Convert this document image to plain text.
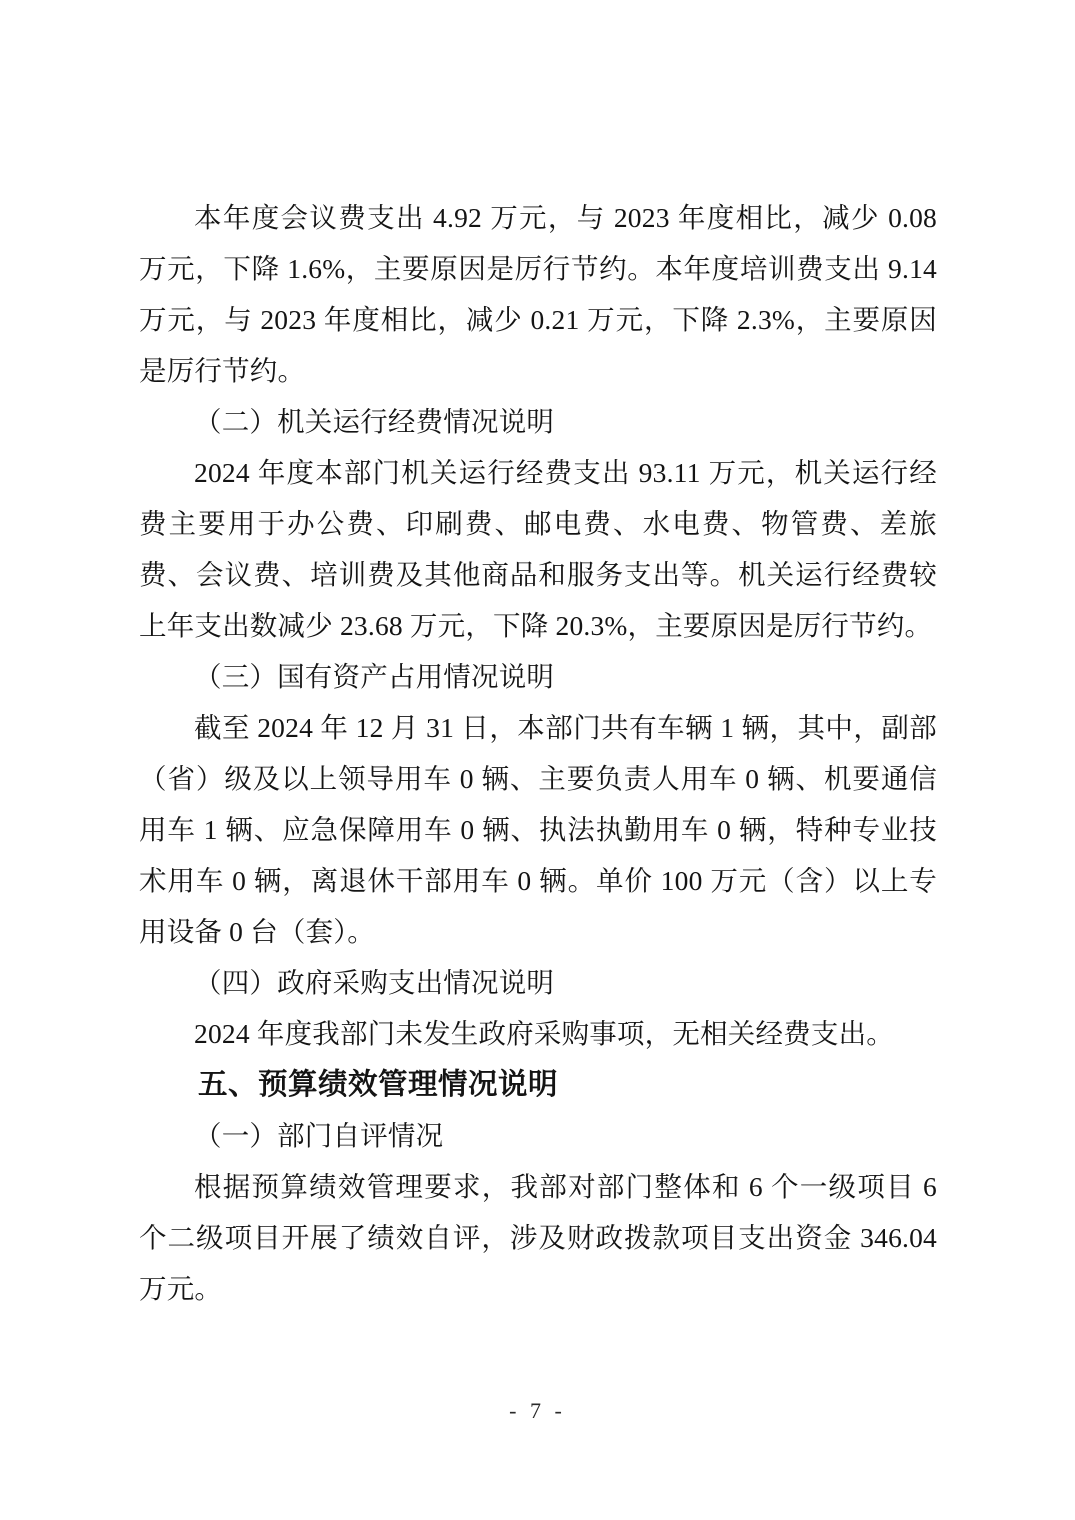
本年度会议费支出 4.92 万元，与 2023 年度相比，减少 0.08 万元，下降 1.6%，主要原因是厉行节约。本年度培训费支出 9.14 万元，与 2023 年度相比，减少 0.21 万元，下降 2.3%，主要原因是厉行节约。

（二）机关运行经费情况说明

2024 年度本部门机关运行经费支出 93.11 万元，机关运行经费主要用于办公费、印刷费、邮电费、水电费、物管费、差旅费、会议费、培训费及其他商品和服务支出等。机关运行经费较上年支出数减少 23.68 万元，下降 20.3%，主要原因是厉行节约。

（三）国有资产占用情况说明

截至 2024 年 12 月 31 日，本部门共有车辆 1 辆，其中，副部（省）级及以上领导用车 0 辆、主要负责人用车 0 辆、机要通信用车 1 辆、应急保障用车 0 辆、执法执勤用车 0 辆，特种专业技术用车 0 辆，离退休干部用车 0 辆。单价 100 万元（含）以上专用设备 0 台（套）。

（四）政府采购支出情况说明

2024 年度我部门未发生政府采购事项，无相关经费支出。

五、预算绩效管理情况说明

（一）部门自评情况

根据预算绩效管理要求，我部对部门整体和 6 个一级项目 6 个二级项目开展了绩效自评，涉及财政拨款项目支出资金 346.04 万元。

- 7 -
